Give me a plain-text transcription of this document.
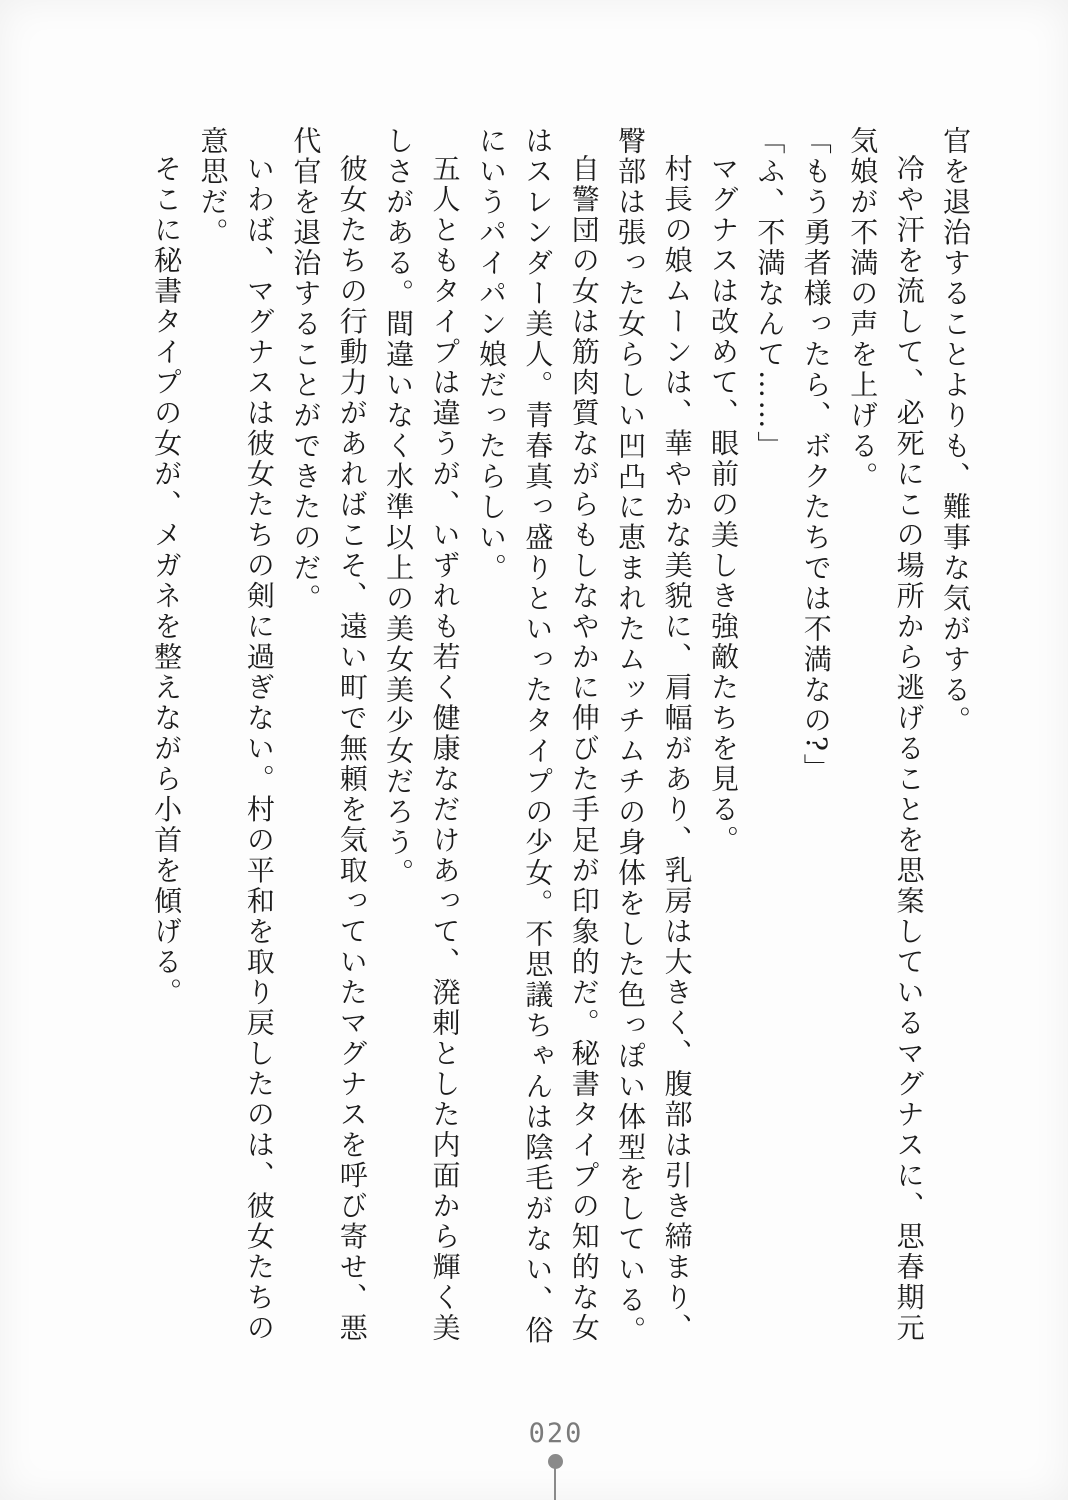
官を退治することよりも、難事な気がする。

冷や汗を流して、必死にこの場所から逃げることを思案しているマグナスに、思春期元気娘が不満の声を上げる。

「もう勇者様ったら、ボクたちでは不満なの?」

「ふ、不満なんて……」

マグナスは改めて、眼前の美しき強敵たちを見る。

村長の娘ムーンは、華やかな美貌に、肩幅があり、乳房は大きく、腹部は引き締まり、臀部は張った女らしい凹凸に恵まれたムッチムチの身体をした色っぽい体型をしている。

自警団の女は筋肉質ながらもしなやかに伸びた手足が印象的だ。秘書タイプの知的な女はスレンダー美人。青春真っ盛りといったタイプの少女。不思議ちゃんは陰毛がない、俗にいうパイパン娘だったらしい。

五人ともタイプは違うが、いずれも若く健康なだけあって、溌剌とした内面から輝く美しさがある。間違いなく水準以上の美女美少女だろう。

彼女たちの行動力があればこそ、遠い町で無頼を気取っていたマグナスを呼び寄せ、悪代官を退治することができたのだ。

いわば、マグナスは彼女たちの剣に過ぎない。村の平和を取り戻したのは、彼女たちの意思だ。

そこに秘書タイプの女が、メガネを整えながら小首を傾げる。

020
